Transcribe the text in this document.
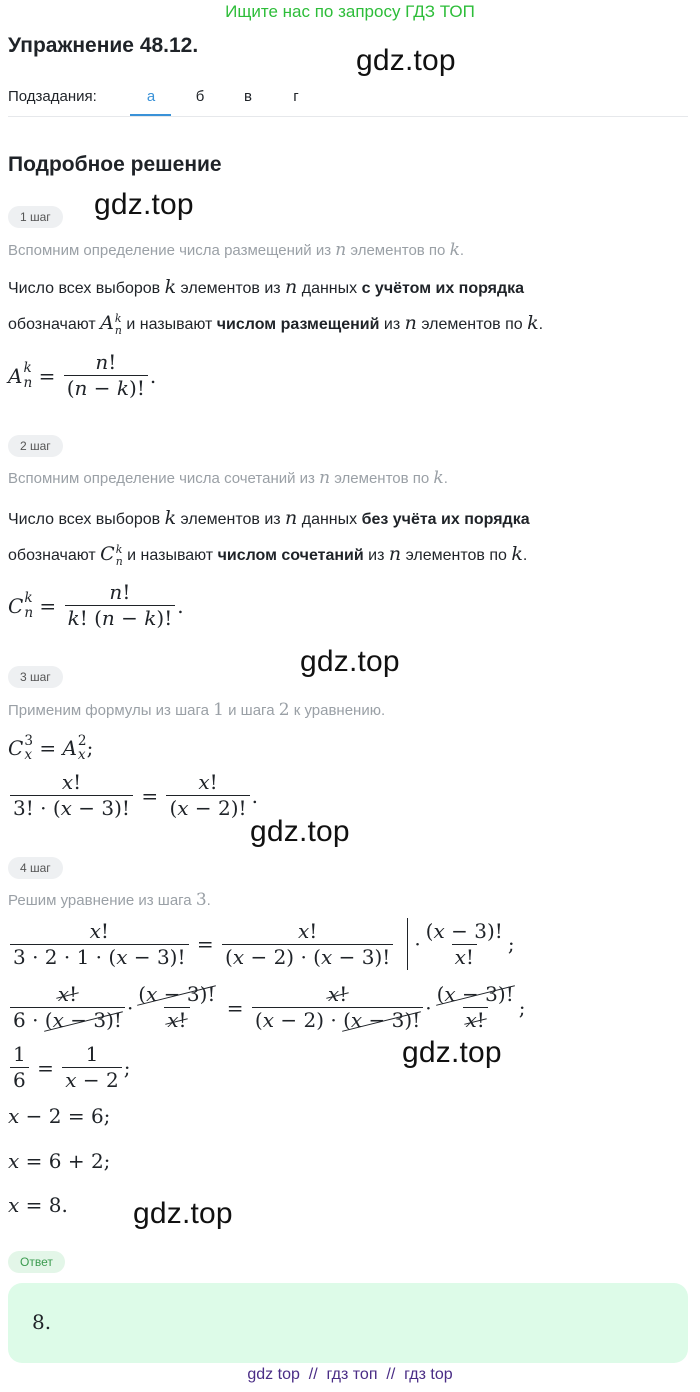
Ищите нас по запросу ГДЗ ТОП
Упражнение 48.12.	gdz.top
Подзадания:	а	б	в	г
Подробное решение
1 шаг	gdz.top
Вспомним определение числа размещений из n элементов по k.
Число всех выборов k элементов из n данных с учётом их порядка
обозначают A k
n и называют числом размещений из n элементов по k.
A k
$n = \frac{n!}{(n - k)!}$ .
2 шаг
Вспомним определение числа сочетаний из n элементов по k.
Число всех выборов k элементов из n данных без учёта их порядка
обозначают C k
n и называют числом сочетаний из n элементов по k.
C k
$n = \frac{n!}{k! (n - k)!}$ .
gdz.top
3 шаг
Применим формулы из шага 1 и шага 2 к уравнению.
C 3
x = A 2
x ;
$\frac{x!}{3! \cdot (x - 3)!} = \frac{x!}{(x - 2)!}$ .
gdz.top
4 шаг
Решим уравнение из шага 3.
$\frac{x!}{3 \cdot 2 \cdot 1 \cdot (x - 3)!} = \frac{x!}{(x - 2) \cdot (x - 3)!} \cdot \frac{(x - 3)!}{x!}$ ;
$\frac{x!}{6 \cdot (x - 3)!} \cdot \frac{(x - 3)!}{x!} = \frac{x!}{(x - 2) \cdot (x - 3)!} \cdot \frac{(x - 3)!}{x!}$ ;
gdz.top
$\frac{1}{6} = \frac{1}{x - 2}$ ;
x − 2 = 6;
x = 6 + 2;
x = 8. gdz.top
Ответ
8.
gdz top  //  гдз топ  //  гдз top
